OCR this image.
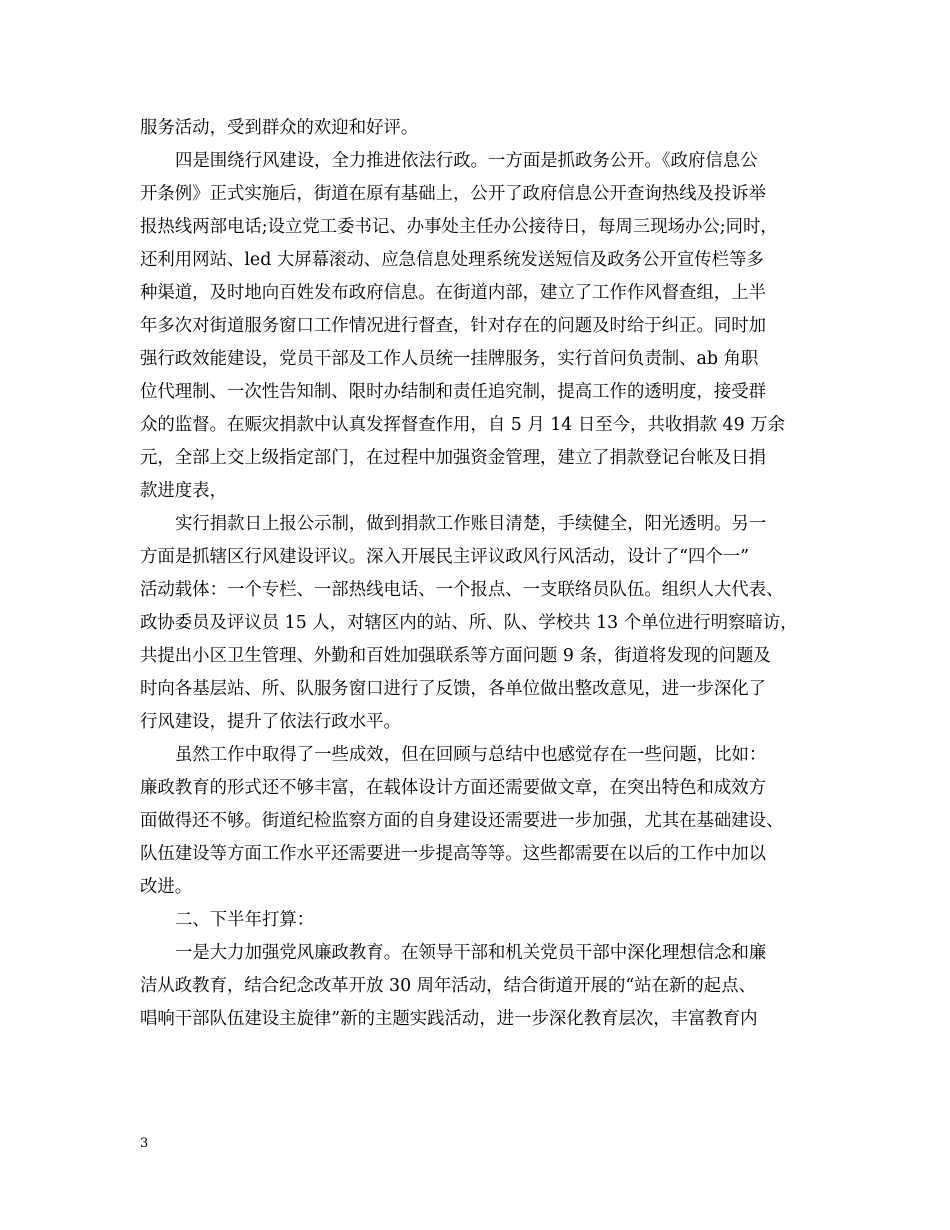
服务活动，受到群众的欢迎和好评。
四是围绕行风建设，全力推进依法行政。一方面是抓政务公开。《政府信息公
开条例》正式实施后，街道在原有基础上，公开了政府信息公开查询热线及投诉举
报热线两部电话;设立党工委书记、办事处主任办公接待日，每周三现场办公;同时，
还利用网站、led 大屏幕滚动、应急信息处理系统发送短信及政务公开宣传栏等多
种渠道，及时地向百姓发布政府信息。在街道内部，建立了工作作风督查组，上半
年多次对街道服务窗口工作情况进行督查，针对存在的问题及时给于纠正。同时加
强行政效能建设，党员干部及工作人员统一挂牌服务，实行首问负责制、ab 角职
位代理制、一次性告知制、限时办结制和责任追究制，提高工作的透明度，接受群
众的监督。在赈灾捐款中认真发挥督查作用，自 5 月 14 日至今，共收捐款 49 万余
元，全部上交上级指定部门，在过程中加强资金管理，建立了捐款登记台帐及日捐
款进度表，
实行捐款日上报公示制，做到捐款工作账目清楚，手续健全，阳光透明。另一
方面是抓辖区行风建设评议。深入开展民主评议政风行风活动，设计了“四个一”
活动载体：一个专栏、一部热线电话、一个报点、一支联络员队伍。组织人大代表、
政协委员及评议员 15 人，对辖区内的站、所、队、学校共 13 个单位进行明察暗访，
共提出小区卫生管理、外勤和百姓加强联系等方面问题 9 条，街道将发现的问题及
时向各基层站、所、队服务窗口进行了反馈，各单位做出整改意见，进一步深化了
行风建设，提升了依法行政水平。
虽然工作中取得了一些成效，但在回顾与总结中也感觉存在一些问题，比如：
廉政教育的形式还不够丰富，在载体设计方面还需要做文章，在突出特色和成效方
面做得还不够。街道纪检监察方面的自身建设还需要进一步加强，尤其在基础建设、
队伍建设等方面工作水平还需要进一步提高等等。这些都需要在以后的工作中加以
改进。
二、下半年打算：
一是大力加强党风廉政教育。在领导干部和机关党员干部中深化理想信念和廉
洁从政教育，结合纪念改革开放 30 周年活动，结合街道开展的“站在新的起点、
唱响干部队伍建设主旋律”新的主题实践活动，进一步深化教育层次，丰富教育内
3
